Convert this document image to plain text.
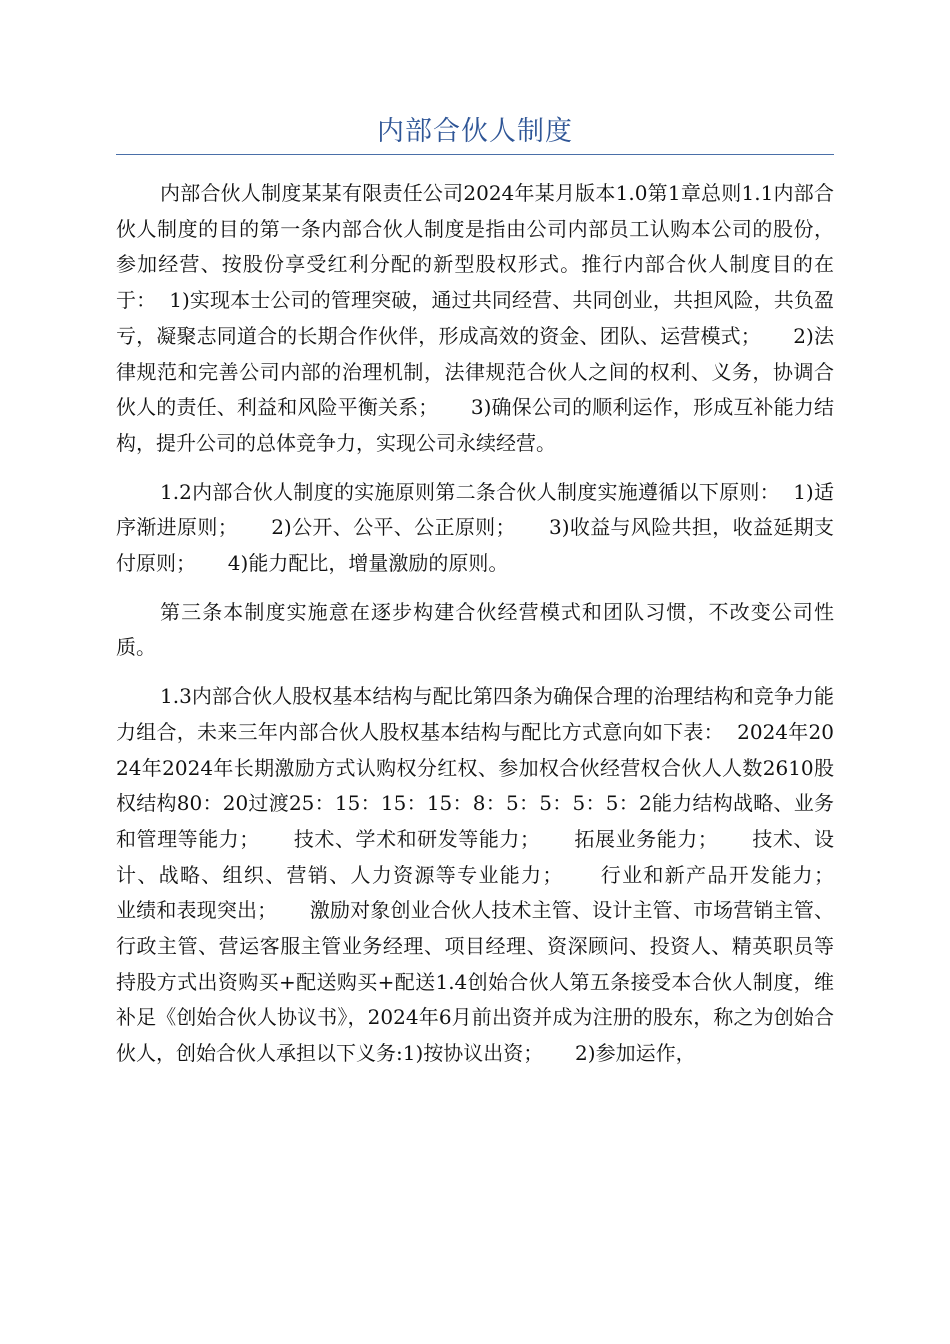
内部合伙人制度

内部合伙人制度某某有限责任公司2024年某月版本1.0第1章总则1.1内部合伙人制度的目的第一条内部合伙人制度是指由公司内部员工认购本公司的股份，参加经营、按股份享受红利分配的新型股权形式。推行内部合伙人制度目的在于：  1)实现本士公司的管理突破，通过共同经营、共同创业，共担风险，共负盈亏，凝聚志同道合的长期合作伙伴，形成高效的资金、团队、运营模式；     2)法律规范和完善公司内部的治理机制，法律规范合伙人之间的权利、义务，协调合伙人的责任、利益和风险平衡关系；     3)确保公司的顺利运作，形成互补能力结构，提升公司的总体竞争力，实现公司永续经营。

1.2内部合伙人制度的实施原则第二条合伙人制度实施遵循以下原则：  1)适序渐进原则；     2)公开、公平、公正原则；     3)收益与风险共担，收益延期支付原则；     4)能力配比，增量激励的原则。

第三条本制度实施意在逐步构建合伙经营模式和团队习惯，不改变公司性质。

1.3内部合伙人股权基本结构与配比第四条为确保合理的治理结构和竞争力能力组合，未来三年内部合伙人股权基本结构与配比方式意向如下表：  2024年2024年2024年长期激励方式认购权分红权、参加权合伙经营权合伙人人数2610股权结构80：20过渡25：15：15：15：8：5：5：5：5：2能力结构战略、业务和管理等能力；     技术、学术和研发等能力；     拓展业务能力；     技术、设计、战略、组织、营销、人力资源等专业能力；     行业和新产品开发能力；     业绩和表现突出；     激励对象创业合伙人技术主管、设计主管、市场营销主管、行政主管、营运客服主管业务经理、项目经理、资深顾问、投资人、精英职员等持股方式出资购买+配送购买+配送1.4创始合伙人第五条接受本合伙人制度，维补足《创始合伙人协议书》，2024年6月前出资并成为注册的股东，称之为创始合伙人，创始合伙人承担以下义务:1)按协议出资；     2)参加运作，
